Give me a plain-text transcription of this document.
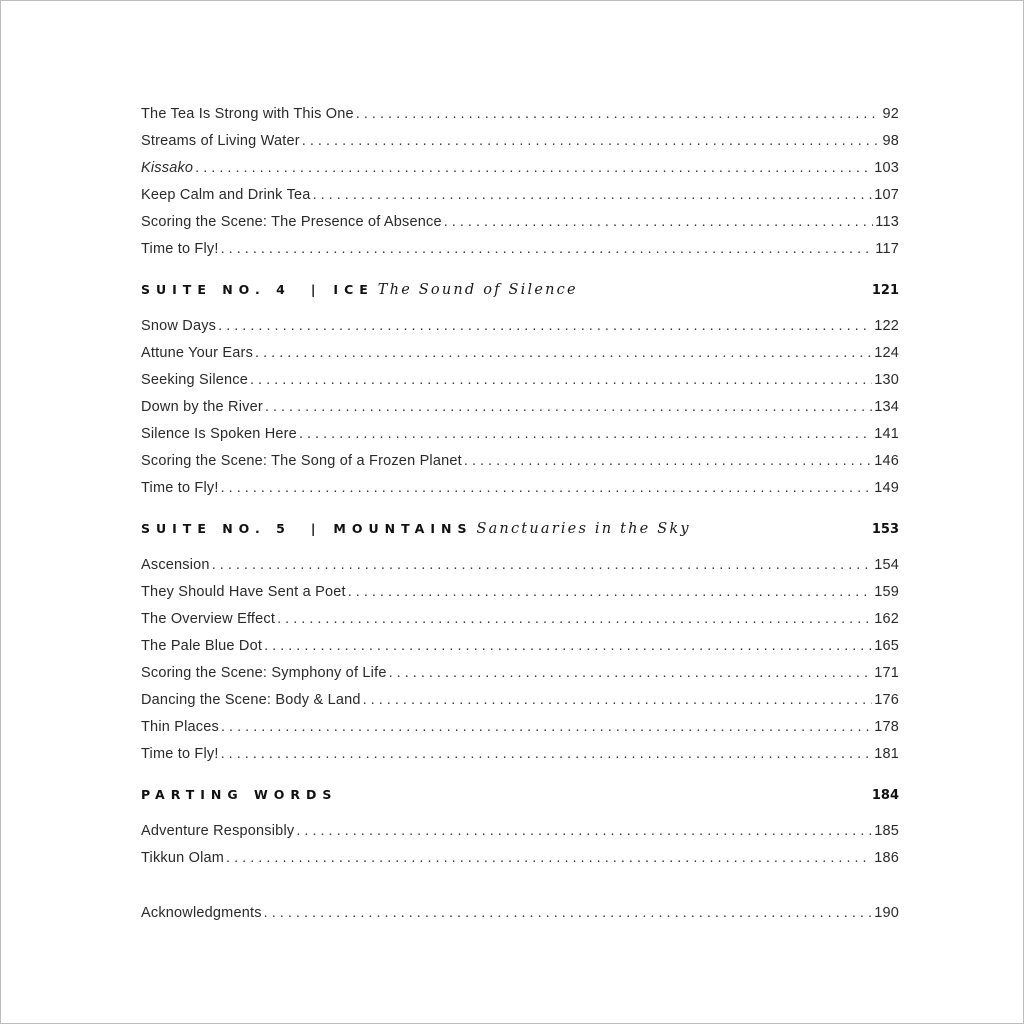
The Tea Is Strong with This One . . .	92
Streams of Living Water . . .	98
Kissako . . .	103
Keep Calm and Drink Tea . . .	107
Scoring the Scene: The Presence of Absence . . .	113
Time to Fly! . . .	117
SUITE NO. 4 | ICE The Sound of Silence	121
Snow Days . . .	122
Attune Your Ears . . .	124
Seeking Silence . . .	130
Down by the River . . .	134
Silence Is Spoken Here . . .	141
Scoring the Scene: The Song of a Frozen Planet . . .	146
Time to Fly! . . .	149
SUITE NO. 5 | MOUNTAINS Sanctuaries in the Sky	153
Ascension . . .	154
They Should Have Sent a Poet . . .	159
The Overview Effect . . .	162
The Pale Blue Dot . . .	165
Scoring the Scene: Symphony of Life . . .	171
Dancing the Scene: Body & Land . . .	176
Thin Places . . .	178
Time to Fly! . . .	181
PARTING WORDS	184
Adventure Responsibly . . .	185
Tikkun Olam . . .	186
Acknowledgments . . .	190
